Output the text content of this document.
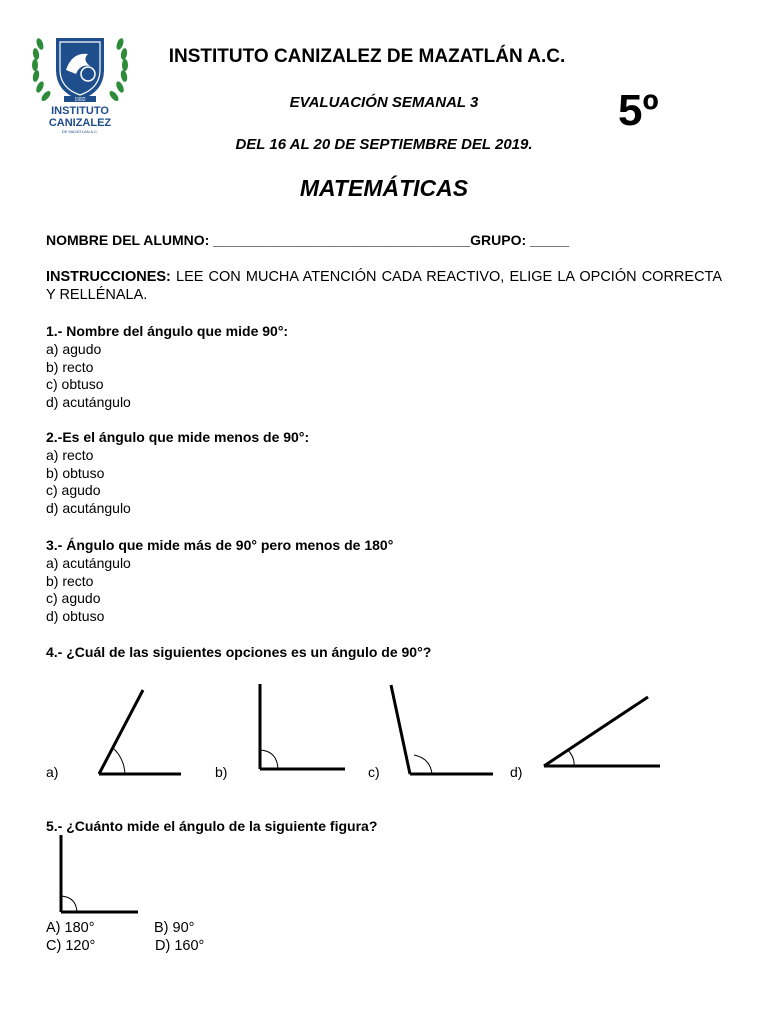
1992
INSTITUTO
CANIZALEZ
DE MAZATLAN A.C.
INSTITUTO CANIZALEZ DE MAZATLÁN A.C.
EVALUACIÓN SEMANAL 3	5º
DEL 16 AL 20 DE SEPTIEMBRE DEL 2019.
MATEMÁTICAS
NOMBRE DEL ALUMNO: _________________________________GRUPO: _____
INSTRUCCIONES: LEE CON MUCHA ATENCIÓN CADA REACTIVO, ELIGE LA OPCIÓN CORRECTA Y RELLÉNALA.
1.- Nombre del ángulo que mide 90°:
a) agudo
b) recto
c) obtuso
d) acutángulo
2.-Es el ángulo que mide menos de 90°:
a) recto
b) obtuso
c) agudo
d) acutángulo
3.- Ángulo que mide más de 90° pero menos de 180°
a) acutángulo
b) recto
c) agudo
d) obtuso
4.- ¿Cuál de las siguientes opciones es un ángulo de 90°?
a)	b)	c)	d)
5.- ¿Cuánto mide el ángulo de la siguiente figura?
A) 180°	B) 90°
C) 120°	D) 160°
